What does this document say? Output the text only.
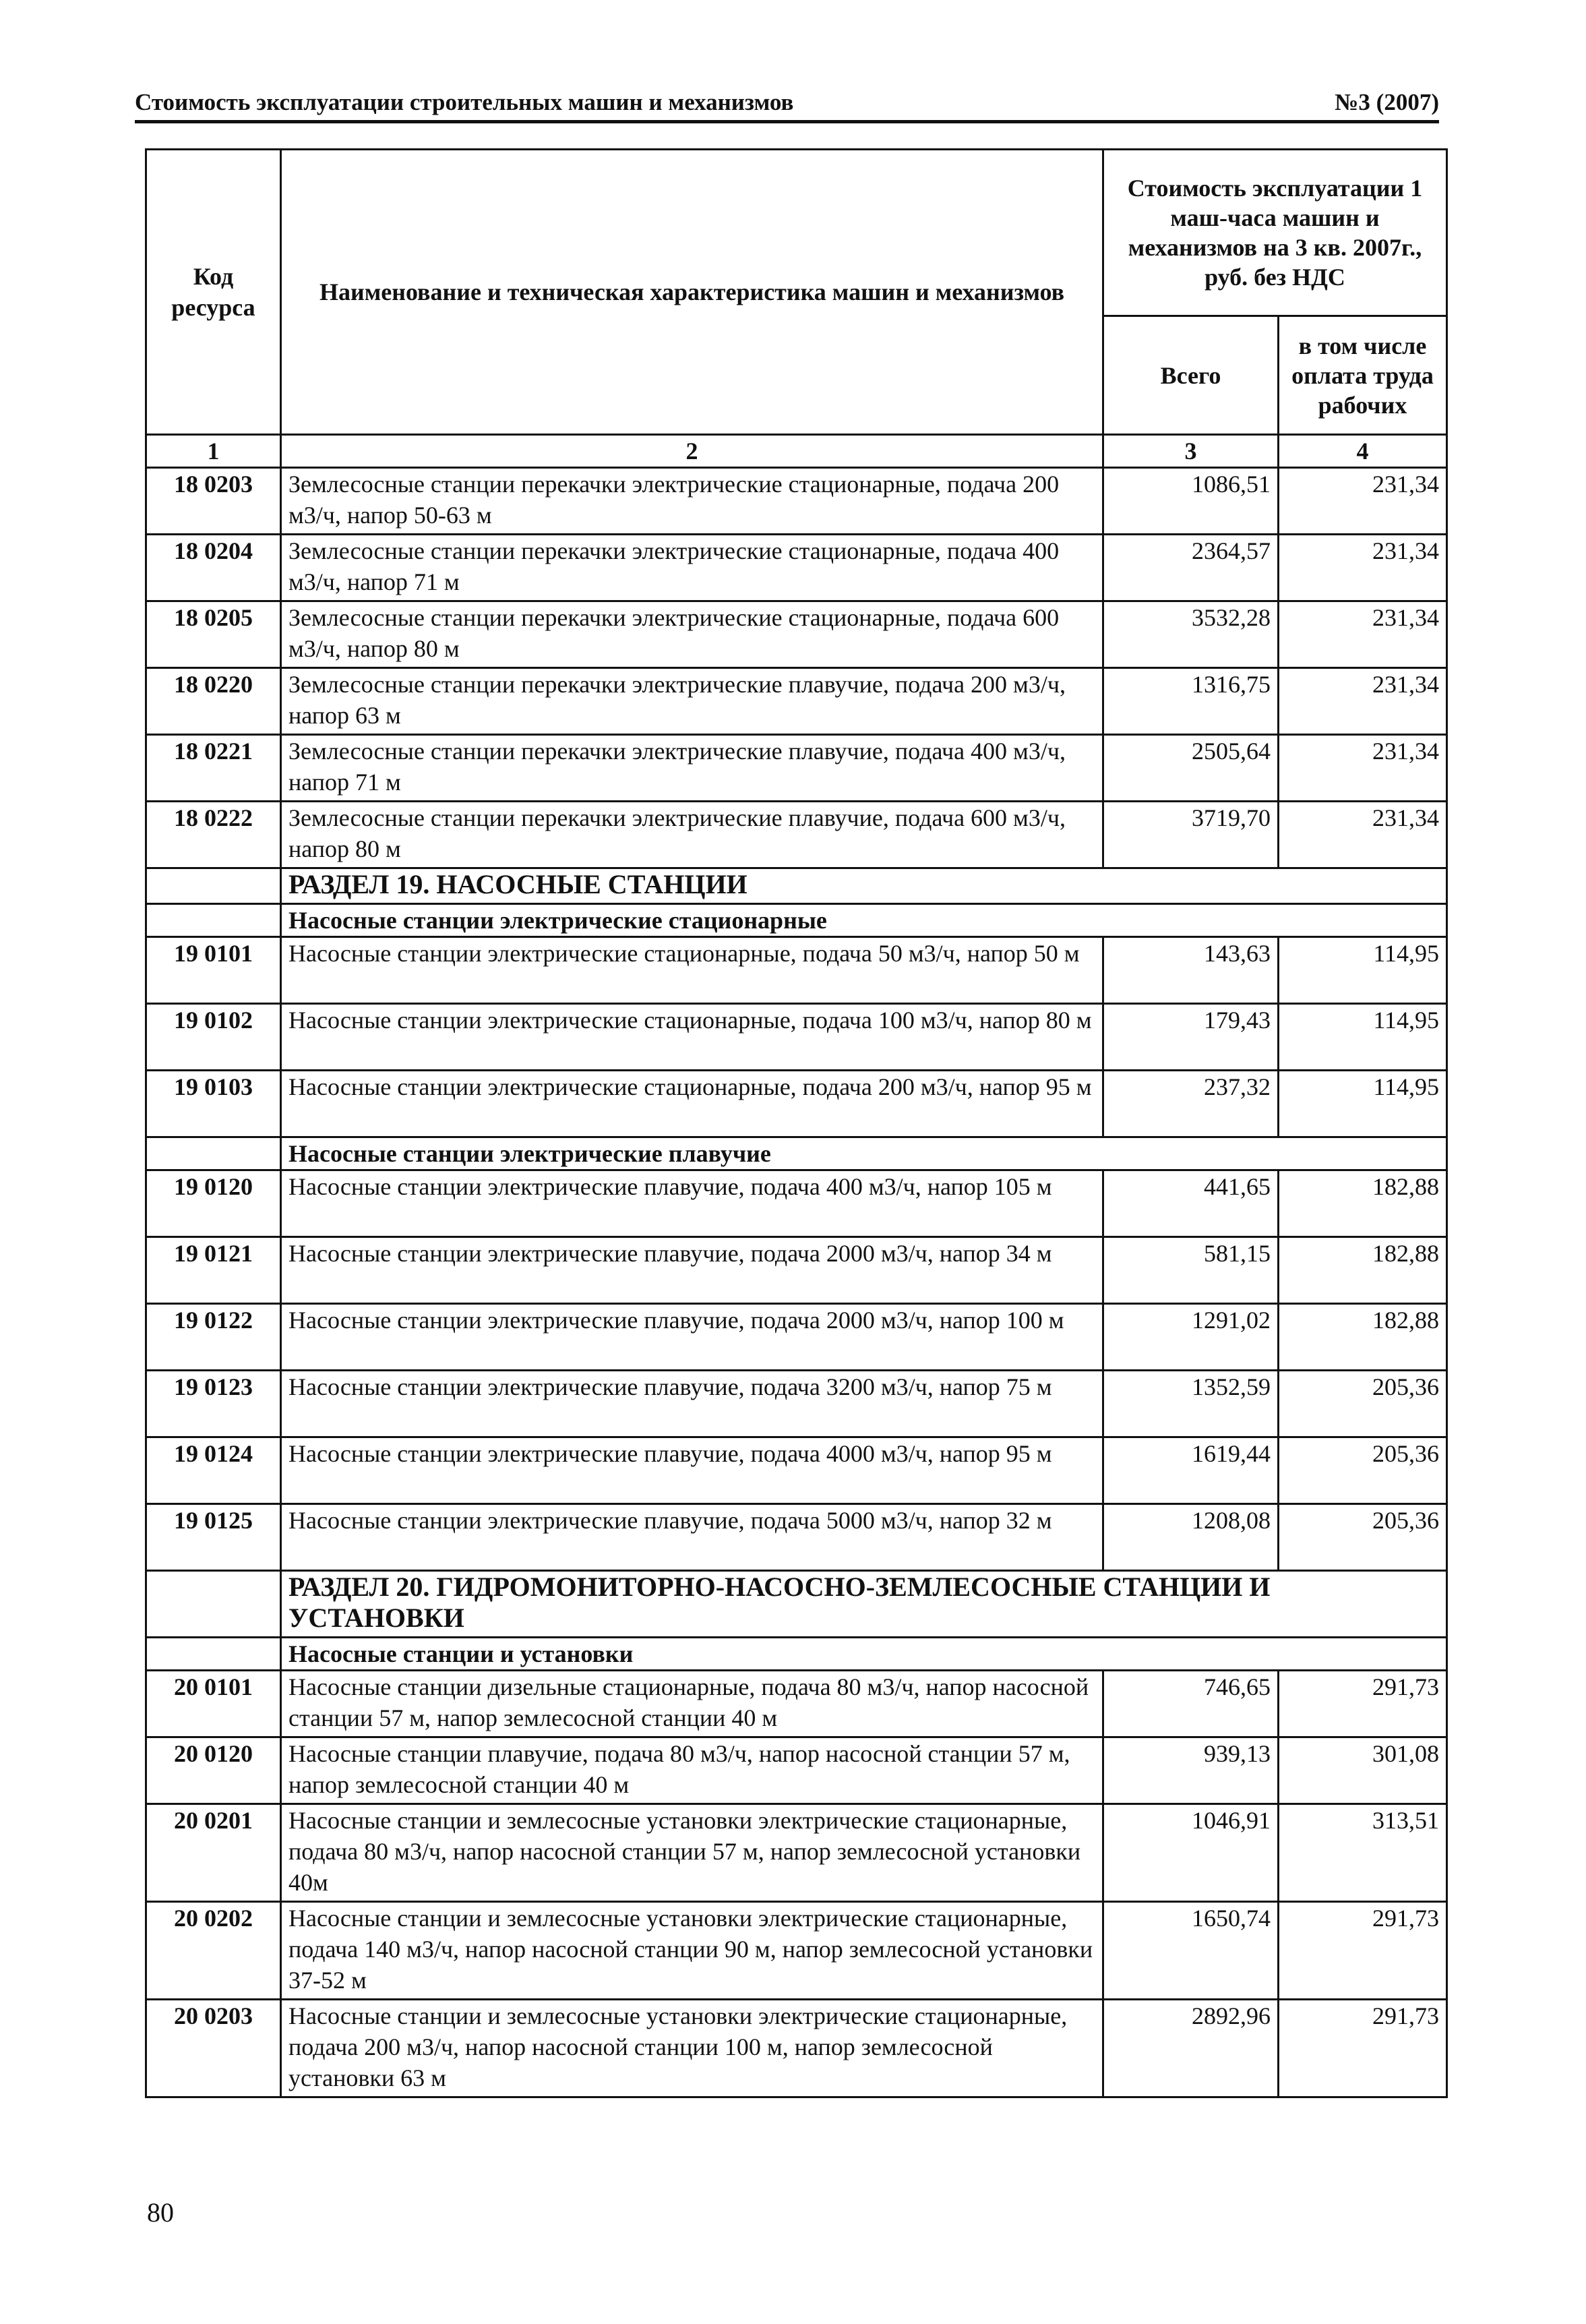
Стоимость эксплуатации строительных машин и механизмов	№3 (2007)
Код ресурса	Наименование и техническая характеристика машин и механизмов	Стоимость эксплуатации 1 маш-часа машин и механизмов на 3 кв. 2007г., руб. без НДС	
		Всего	в том числе оплата труда рабочих
1	2	3	4
18 0203	Землесосные станции перекачки электрические стационарные, подача 200 м3/ч, напор 50-63 м	1086,51	231,34
18 0204	Землесосные станции перекачки электрические стационарные, подача 400 м3/ч, напор 71 м	2364,57	231,34
18 0205	Землесосные станции перекачки электрические стационарные, подача 600 м3/ч, напор 80 м	3532,28	231,34
18 0220	Землесосные станции перекачки электрические плавучие, подача 200 м3/ч, напор 63 м	1316,75	231,34
18 0221	Землесосные станции перекачки электрические плавучие, подача 400 м3/ч, напор 71 м	2505,64	231,34
18 0222	Землесосные станции перекачки электрические плавучие, подача 600 м3/ч, напор 80 м	3719,70	231,34
	РАЗДЕЛ 19. НАСОСНЫЕ СТАНЦИИ		
	Насосные станции электрические стационарные		
19 0101	Насосные станции электрические стационарные, подача 50 м3/ч, напор 50 м	143,63	114,95
19 0102	Насосные станции электрические стационарные, подача 100 м3/ч, напор 80 м	179,43	114,95
19 0103	Насосные станции электрические стационарные, подача 200 м3/ч, напор 95 м	237,32	114,95
	Насосные станции электрические плавучие		
19 0120	Насосные станции электрические плавучие, подача 400 м3/ч, напор 105 м	441,65	182,88
19 0121	Насосные станции электрические плавучие, подача 2000 м3/ч, напор 34 м	581,15	182,88
19 0122	Насосные станции электрические плавучие, подача 2000 м3/ч, напор 100 м	1291,02	182,88
19 0123	Насосные станции электрические плавучие, подача 3200 м3/ч, напор 75 м	1352,59	205,36
19 0124	Насосные станции электрические плавучие, подача 4000 м3/ч, напор 95 м	1619,44	205,36
19 0125	Насосные станции электрические плавучие, подача 5000 м3/ч, напор 32 м	1208,08	205,36
	РАЗДЕЛ 20. ГИДРОМОНИТОРНО-НАСОСНО-ЗЕМЛЕСОСНЫЕ СТАНЦИИ И УСТАНОВКИ		
	Насосные станции и установки		
20 0101	Насосные станции дизельные стационарные, подача 80 м3/ч, напор насосной станции 57 м, напор землесосной станции 40 м	746,65	291,73
20 0120	Насосные станции плавучие, подача 80 м3/ч, напор насосной станции 57 м, напор землесосной станции 40 м	939,13	301,08
20 0201	Насосные станции и землесосные установки электрические стационарные, подача 80 м3/ч, напор насосной станции 57 м, напор землесосной установки 40м	1046,91	313,51
20 0202	Насосные станции и землесосные установки электрические стационарные, подача 140 м3/ч, напор насосной станции 90 м, напор землесосной установки 37-52 м	1650,74	291,73
20 0203	Насосные станции и землесосные установки электрические стационарные, подача 200 м3/ч, напор насосной станции 100 м, напор землесосной установки 63 м	2892,96	291,73
80
